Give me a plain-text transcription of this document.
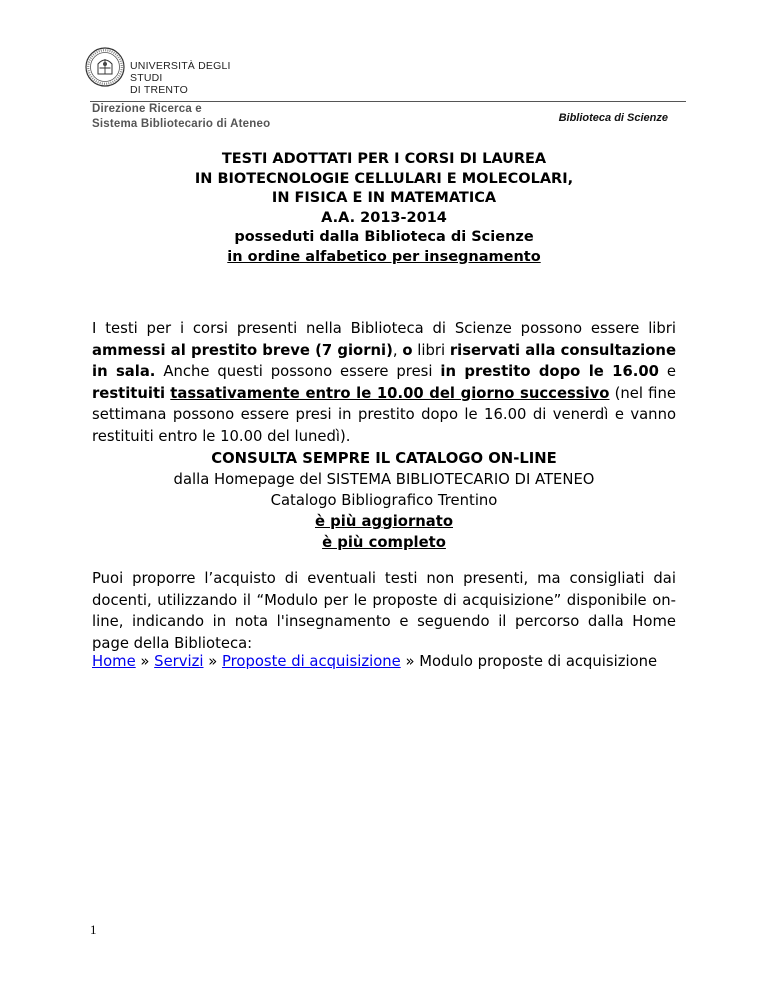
UNIVERSITÀ DEGLI STUDI
DI TRENTO
Direzione Ricerca e
Sistema Bibliotecario di Ateneo	Biblioteca di Scienze
TESTI ADOTTATI PER I CORSI DI LAUREA
IN BIOTECNOLOGIE CELLULARI E MOLECOLARI,
IN FISICA E IN MATEMATICA
A.A. 2013-2014
posseduti dalla Biblioteca di Scienze
in ordine alfabetico per insegnamento
I testi per i corsi presenti nella Biblioteca di Scienze possono essere libri ammessi al prestito breve (7 giorni), o libri riservati alla consultazione in sala. Anche questi possono essere presi in prestito dopo le 16.00 e restituiti tassativamente entro le 10.00 del giorno successivo (nel fine settimana possono essere presi in prestito dopo le 16.00 di venerdì e vanno restituiti entro le 10.00 del lunedì).
CONSULTA SEMPRE IL CATALOGO ON-LINE
dalla Homepage del SISTEMA BIBLIOTECARIO DI ATENEO
Catalogo Bibliografico Trentino
è più aggiornato
è più completo
Puoi proporre l’acquisto di eventuali testi non presenti, ma consigliati dai docenti, utilizzando il “Modulo per le proposte di acquisizione” disponibile on-line, indicando in nota l'insegnamento e seguendo il percorso dalla Home page della Biblioteca:
Home » Servizi » Proposte di acquisizione » Modulo proposte di acquisizione
1
